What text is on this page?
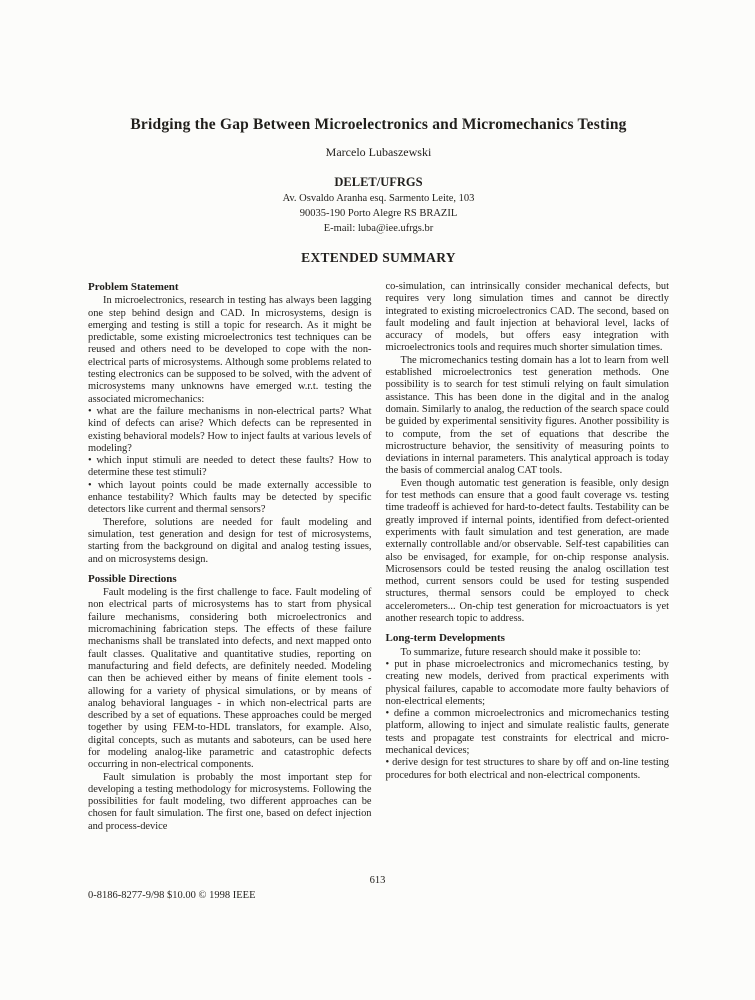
Bridging the Gap Between Microelectronics and Micromechanics Testing
Marcelo Lubaszewski
DELET/UFRGS
Av. Osvaldo Aranha esq. Sarmento Leite, 103
90035-190 Porto Alegre RS BRAZIL
E-mail: luba@iee.ufrgs.br
EXTENDED SUMMARY
Problem Statement
In microelectronics, research in testing has always been lagging one step behind design and CAD. In microsystems, design is emerging and testing is still a topic for research. As it might be predictable, some existing microelectronics test techniques can be reused and others need to be developed to cope with the non-electrical parts of microsystems. Although some problems related to testing electronics can be supposed to be solved, with the advent of microsystems many unknowns have emerged w.r.t. testing the associated micromechanics:
• what are the failure mechanisms in non-electrical parts? What kind of defects can arise? Which defects can be represented in existing behavioral models? How to inject faults at various levels of modeling?
• which input stimuli are needed to detect these faults? How to determine these test stimuli?
• which layout points could be made externally accessible to enhance testability? Which faults may be detected by specific detectors like current and thermal sensors?
Therefore, solutions are needed for fault modeling and simulation, test generation and design for test of microsystems, starting from the background on digital and analog testing issues, and on microsystems design.
Possible Directions
Fault modeling is the first challenge to face. Fault modeling of non electrical parts of microsystems has to start from physical failure mechanisms, considering both microelectronics and micromachining fabrication steps. The effects of these failure mechanisms shall be translated into defects, and next mapped onto fault classes. Qualitative and quantitative studies, reporting on manufacturing and field defects, are definitely needed. Modeling can then be achieved either by means of finite element tools - allowing for a variety of physical simulations, or by means of analog behavioral languages - in which non-electrical parts are described by a set of equations. These approaches could be merged together by using FEM-to-HDL translators, for example. Also, digital concepts, such as mutants and saboteurs, can be used here for modeling analog-like parametric and catastrophic defects occurring in non-electrical components.
Fault simulation is probably the most important step for developing a testing methodology for microsystems. Following the possibilities for fault modeling, two different approaches can be chosen for fault simulation. The first one, based on defect injection and process-device
co-simulation, can intrinsically consider mechanical defects, but requires very long simulation times and cannot be directly integrated to existing microelectronics CAD. The second, based on fault modeling and fault injection at behavioral level, lacks of accuracy of models, but offers easy integration with microelectronics tools and requires much shorter simulation times.
The micromechanics testing domain has a lot to learn from well established microelectronics test generation methods. One possibility is to search for test stimuli relying on fault simulation assistance. This has been done in the digital and in the analog domain. Similarly to analog, the reduction of the search space could be guided by experimental sensitivity figures. Another possibility is to compute, from the set of equations that describe the microstructure behavior, the sensitivity of measuring points to deviations in internal parameters. This analytical approach is today the basis of commercial analog CAT tools.
Even though automatic test generation is feasible, only design for test methods can ensure that a good fault coverage vs. testing time tradeoff is achieved for hard-to-detect faults. Testability can be greatly improved if internal points, identified from defect-oriented experiments with fault simulation and test generation, are made externally controllable and/or observable. Self-test capabilities can also be envisaged, for example, for on-chip response analysis. Microsensors could be tested reusing the analog oscillation test method, current sensors could be used for testing suspended structures, thermal sensors could be employed to check accelerometers... On-chip test generation for microactuators is yet another research topic to address.
Long-term Developments
To summarize, future research should make it possible to:
• put in phase microelectronics and micromechanics testing, by creating new models, derived from practical experiments with physical failures, capable to accomodate more faulty behaviors of non-electrical elements;
• define a common microelectronics and micromechanics testing platform, allowing to inject and simulate realistic faults, generate tests and propagate test constraints for electrical and micro-mechanical devices;
• derive design for test structures to share by off and on-line testing procedures for both electrical and non-electrical components.
613
0-8186-8277-9/98 $10.00 © 1998 IEEE
